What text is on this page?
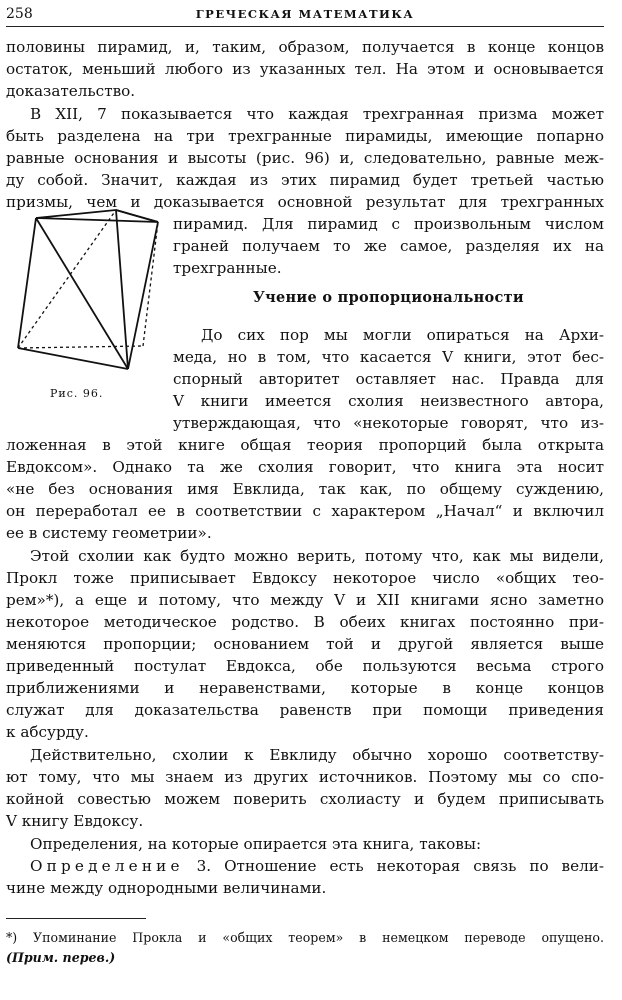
258	ГРЕЧЕСКАЯ МАТЕМАТИКА
половины пирамид, и, таким, образом, получается в конце концов
остаток, меньший любого из указанных тел. На этом и основывается
доказательство.
В XII, 7 показывается что каждая трехгранная призма может
быть разделена на три трехгранные пирамиды, имеющие попарно
равные основания и высоты (рис. 96) и, следовательно, равные меж-
ду собой. Значит, каждая из этих пирамид будет третьей частью
призмы, чем и доказывается основной результат для трехгранных
Рис. 96.
пирамид. Для пирамид с произвольным числом
граней получаем то же самое, разделяя их на
трехгранные.
Учение о пропорциональности
До сих пор мы могли опираться на Архи-
меда, но в том, что касается V книги, этот бес-
спорный авторитет оставляет нас. Правда для
V книги имеется схолия неизвестного автора,
утверждающая, что «некоторые говорят, что из-
ложенная в этой книге общая теория пропорций была открыта
Евдоксом». Однако та же схолия говорит, что книга эта носит
«не без основания имя Евклида, так как, по общему суждению,
он переработал ее в соответствии с характером „Начал“ и включил
ее в систему геометрии».
Этой схолии как будто можно верить, потому что, как мы видели,
Прокл тоже приписывает Евдоксу некоторое число «общих тео-
рем»*), а еще и потому, что между V и XII книгами ясно заметно
некоторое методическое родство. В обеих книгах постоянно при-
меняются пропорции; основанием той и другой является выше
приведенный постулат Евдокса, обе пользуются весьма строго
приближениями и неравенствами, которые в конце концов
служат для доказательства равенств при помощи приведения
к абсурду.
Действительно, схолии к Евклиду обычно хорошо соответству-
ют тому, что мы знаем из других источников. Поэтому мы со спо-
койной совестью можем поверить схолиасту и будем приписывать
V книгу Евдоксу.
Определения, на которые опирается эта книга, таковы:
Определение 3. Отношение есть некоторая связь по вели-
чине между однородными величинами.
*) Упоминание Прокла и «общих теорем» в немецком переводе опущено.
(Прим. перев.)
